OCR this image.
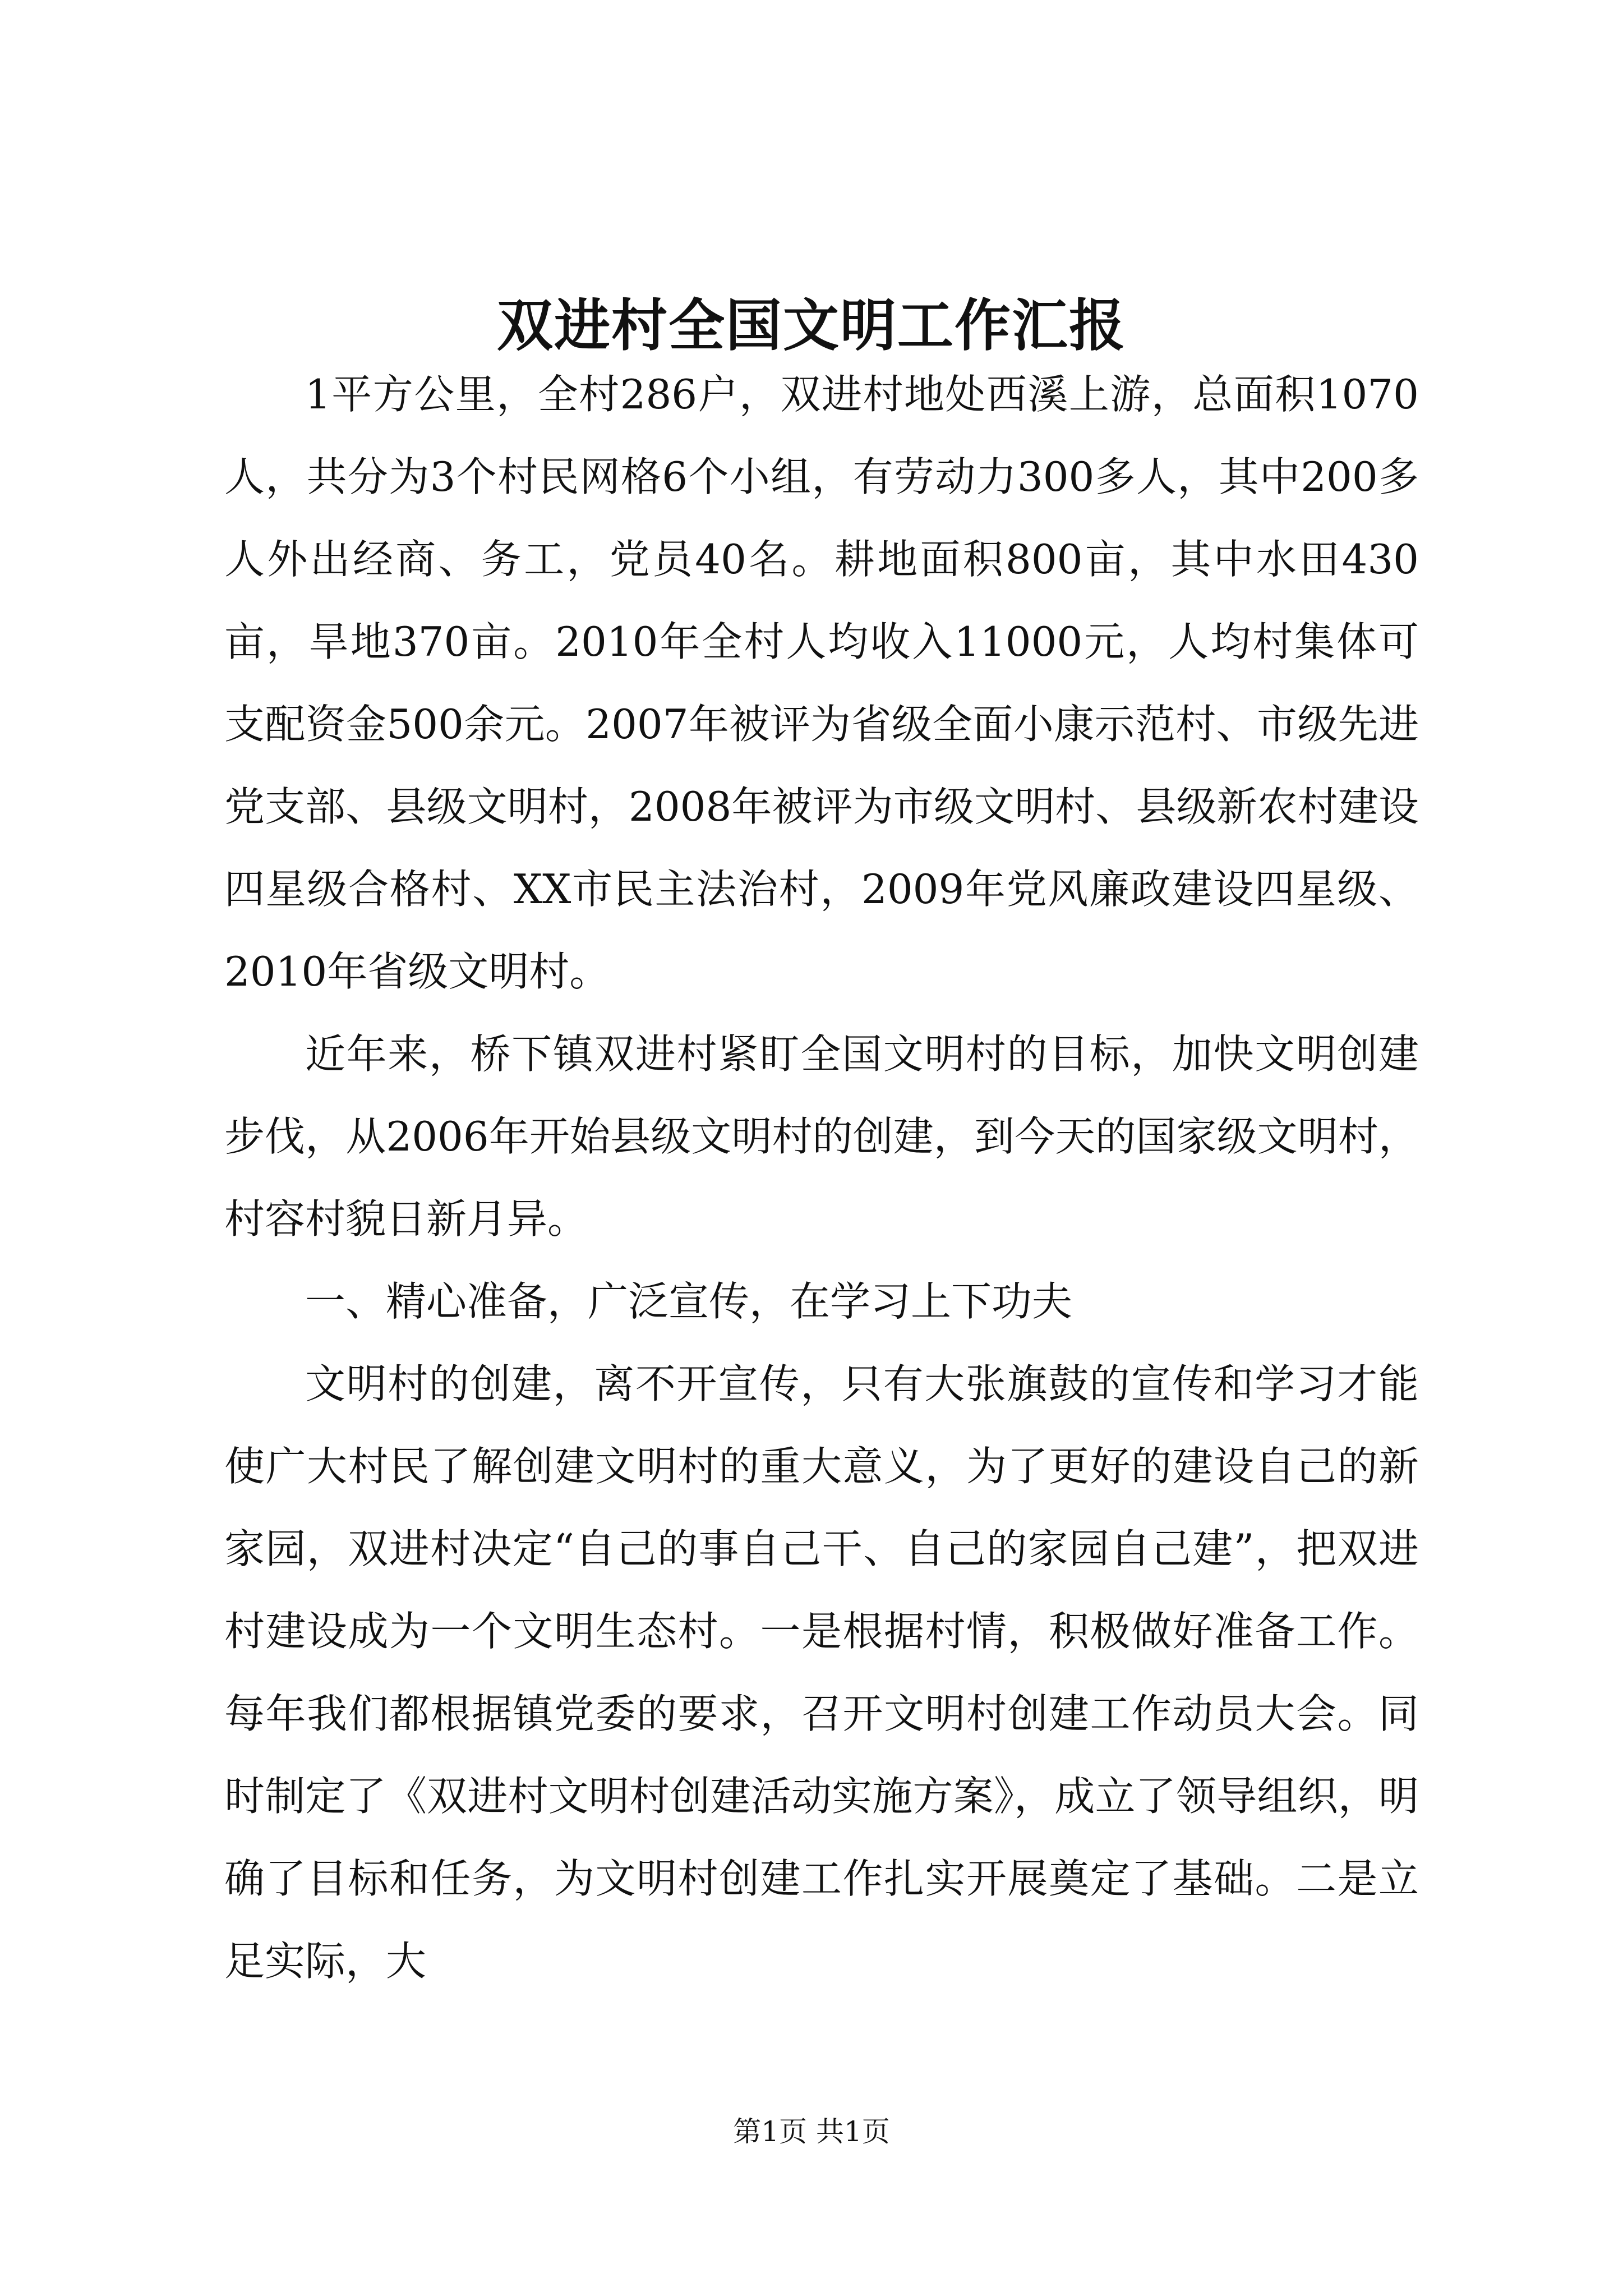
双进村全国文明工作汇报

1平方公里，全村286户，双进村地处西溪上游，总面积1070人，共分为3个村民网格6个小组，有劳动力300多人，其中200多人外出经商、务工，党员40名。耕地面积800亩，其中水田430亩，旱地370亩。2010年全村人均收入11000元，人均村集体可支配资金500余元。2007年被评为省级全面小康示范村、市级先进党支部、县级文明村，2008年被评为市级文明村、县级新农村建设四星级合格村、XX市民主法治村，2009年党风廉政建设四星级、2010年省级文明村。

近年来，桥下镇双进村紧盯全国文明村的目标，加快文明创建步伐，从2006年开始县级文明村的创建，到今天的国家级文明村，村容村貌日新月异。

一、精心准备，广泛宣传，在学习上下功夫

文明村的创建，离不开宣传，只有大张旗鼓的宣传和学习才能使广大村民了解创建文明村的重大意义，为了更好的建设自己的新家园，双进村决定“自己的事自己干、自己的家园自己建”，把双进村建设成为一个文明生态村。一是根据村情，积极做好准备工作。每年我们都根据镇党委的要求，召开文明村创建工作动员大会。同时制定了《双进村文明村创建活动实施方案》，成立了领导组织，明确了目标和任务，为文明村创建工作扎实开展奠定了基础。二是立足实际，大

第1页 共1页
